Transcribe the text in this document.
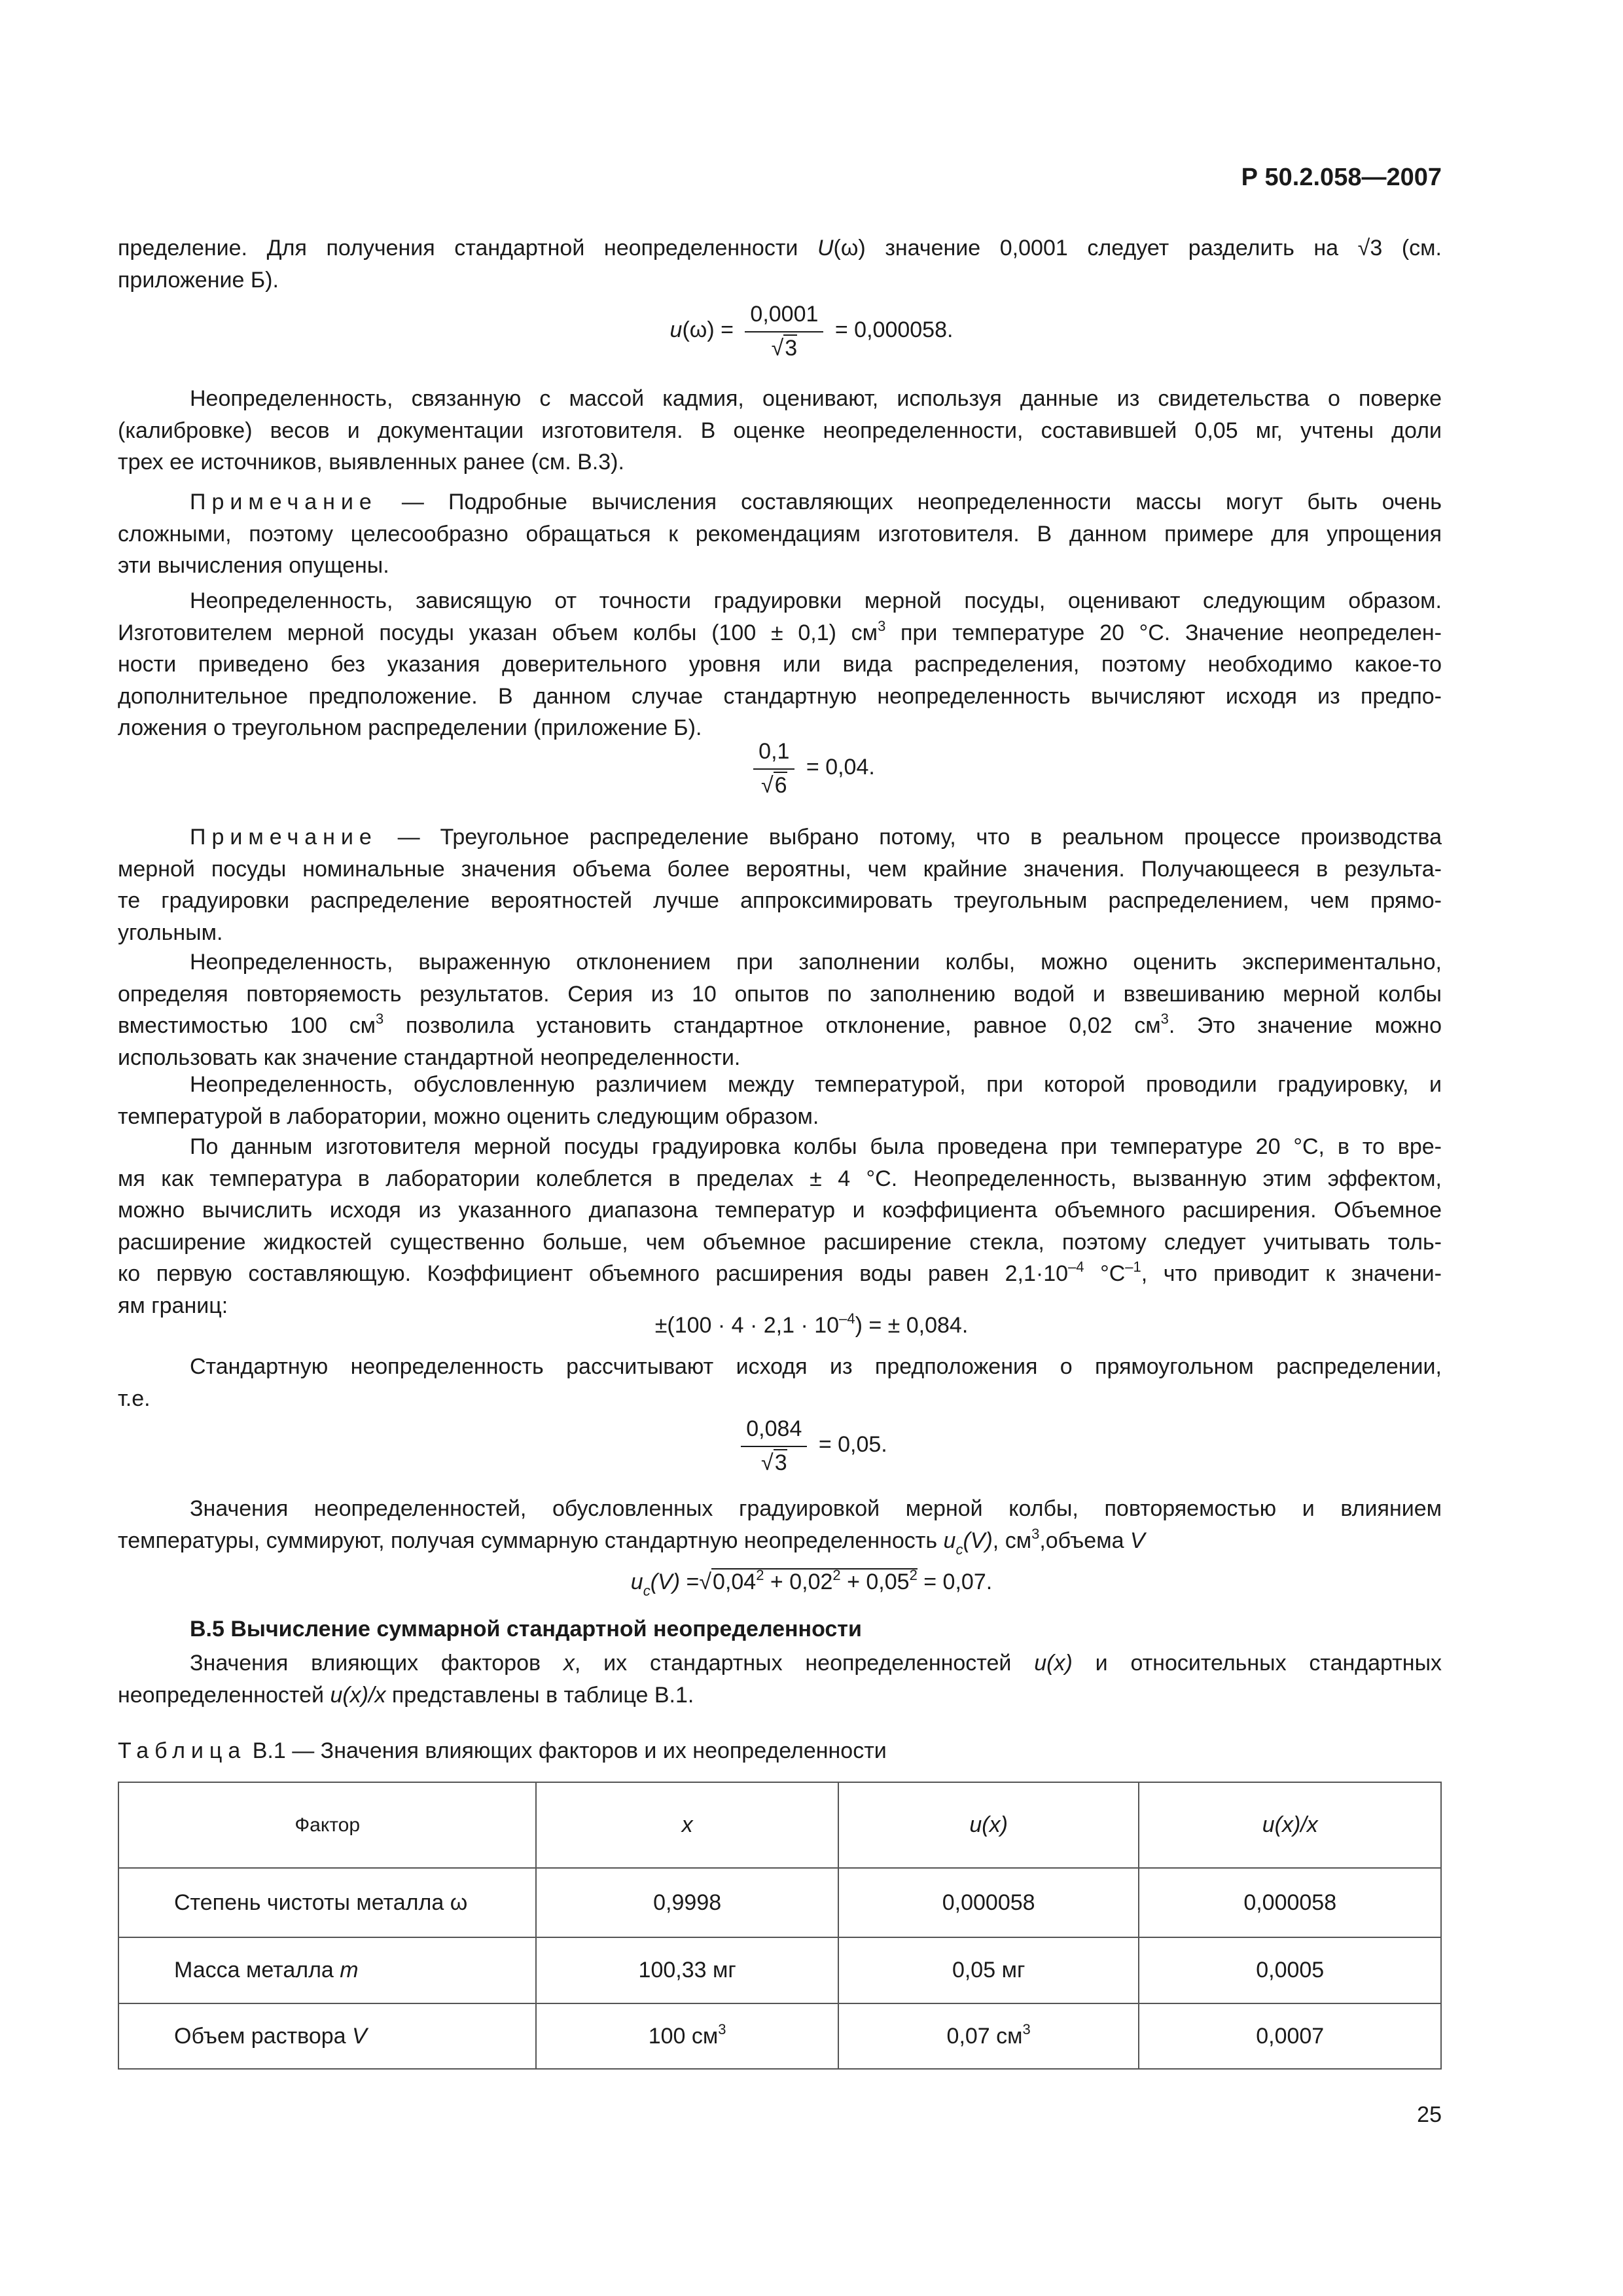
Р 50.2.058—2007
пределение. Для получения стандартной неопределенности U(ω) значение 0,0001 следует разделить на √3 (см.
приложение Б).
Неопределенность, связанную с массой кадмия, оценивают, используя данные из свидетельства о поверке
(калибровке) весов и документации изготовителя. В оценке неопределенности, составившей 0,05 мг, учтены доли
трех ее источников, выявленных ранее (см. В.3).
Примечание — Подробные вычисления составляющих неопределенности массы могут быть очень
сложными, поэтому целесообразно обращаться к рекомендациям изготовителя. В данном примере для упрощения
эти вычисления опущены.
Неопределенность, зависящую от точности градуировки мерной посуды, оценивают следующим образом.
Изготовителем мерной посуды указан объем колбы (100 ± 0,1) $см^3$ при температуре 20 °С. Значение неопределен-
ности приведено без указания доверительного уровня или вида распределения, поэтому необходимо какое-то
дополнительное предположение. В данном случае стандартную неопределенность вычисляют исходя из предпо-
ложения о треугольном распределении (приложение Б).
Примечание — Треугольное распределение выбрано потому, что в реальном процессе производства
мерной посуды номинальные значения объема более вероятны, чем крайние значения. Получающееся в результа-
те градуировки распределение вероятностей лучше аппроксимировать треугольным распределением, чем прямо-
угольным.
Неопределенность, выраженную отклонением при заполнении колбы, можно оценить экспериментально,
определяя повторяемость результатов. Серия из 10 опытов по заполнению водой и взвешиванию мерной колбы
вместимостью 100 $см^3$ позволила установить стандартное отклонение, равное 0,02 $см^3$. Это значение можно
использовать как значение стандартной неопределенности.
Неопределенность, обусловленную различием между температурой, при которой проводили градуировку, и
температурой в лаборатории, можно оценить следующим образом.
По данным изготовителя мерной посуды градуировка колбы была проведена при температуре 20 °С, в то вре-
мя как температура в лаборатории колеблется в пределах ± 4 °С. Неопределенность, вызванную этим эффектом,
можно вычислить исходя из указанного диапазона температур и коэффициента объемного расширения. Объемное
расширение жидкостей существенно больше, чем объемное расширение стекла, поэтому следует учитывать толь-
ко первую составляющую. Коэффициент объемного расширения воды равен $2,1\cdot 10^{-4}$ $^\circ С^{-1}$, что приводит к значени-
ям границ:
Стандартную неопределенность рассчитывают исходя из предположения о прямоугольном распределении,
т.е.
Значения неопределенностей, обусловленных градуировкой мерной колбы, повторяемостью и влиянием
температуры, суммируют, получая суммарную стандартную неопределенность $u_c(V)$, $см^3,объема$ V
Значения влияющих факторов x, их стандартных неопределенностей u(x) и относительных стандартных
неопределенностей u(x)/x представлены в таблице В.1.
$u(\omega) = \frac{0,0001}{√3} = 0,000058$.
$\frac{0,1}{√6} = 0,04$.
$\pm(100 \cdot 4 \cdot 2,1 \cdot 10^{-4})$ = ± 0,084.
$\frac{0,084}{√3} = 0,05$.
$u_c(V) =√0,04^2 + 0,02^2 + 0,05^2 = 0,07$.
В.5 Вычисление суммарной стандартной неопределенности
Таблица В.1 — Значения влияющих факторов и их неопределенности
Фактор	x	u(x)	u(x)/x
Степень чистоты металла ω	0,9998	0,000058	0,000058
Масса металла m	100,33 мг	0,05 мг	0,0005
Объем раствора V	100 $см^3$	0,07 $см^3$	0,0007
25
